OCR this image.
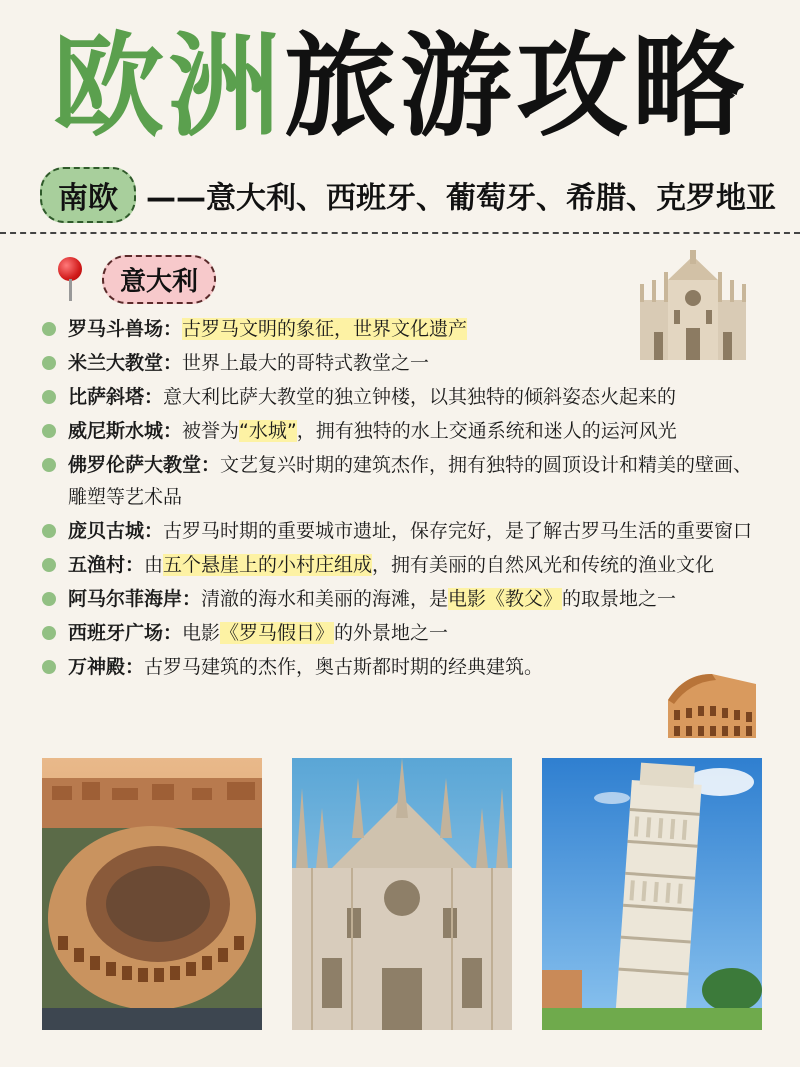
欧洲旅游攻略
南欧 ——意大利、西班牙、葡萄牙、希腊、克罗地亚
意大利
罗马斗兽场：古罗马文明的象征，世界文化遗产
米兰大教堂：世界上最大的哥特式教堂之一
比萨斜塔：意大利比萨大教堂的独立钟楼，以其独特的倾斜姿态火起来的
威尼斯水城：被誉为“水城”，拥有独特的水上交通系统和迷人的运河风光
佛罗伦萨大教堂：文艺复兴时期的建筑杰作，拥有独特的圆顶设计和精美的壁画、雕塑等艺术品
庞贝古城：古罗马时期的重要城市遗址，保存完好，是了解古罗马生活的重要窗口
五渔村：由五个悬崖上的小村庄组成，拥有美丽的自然风光和传统的渔业文化
阿马尔菲海岸：清澈的海水和美丽的海滩，是电影《教父》的取景地之一
西班牙广场：电影《罗马假日》的外景地之一
万神殿：古罗马建筑的杰作，奥古斯都时期的经典建筑。
